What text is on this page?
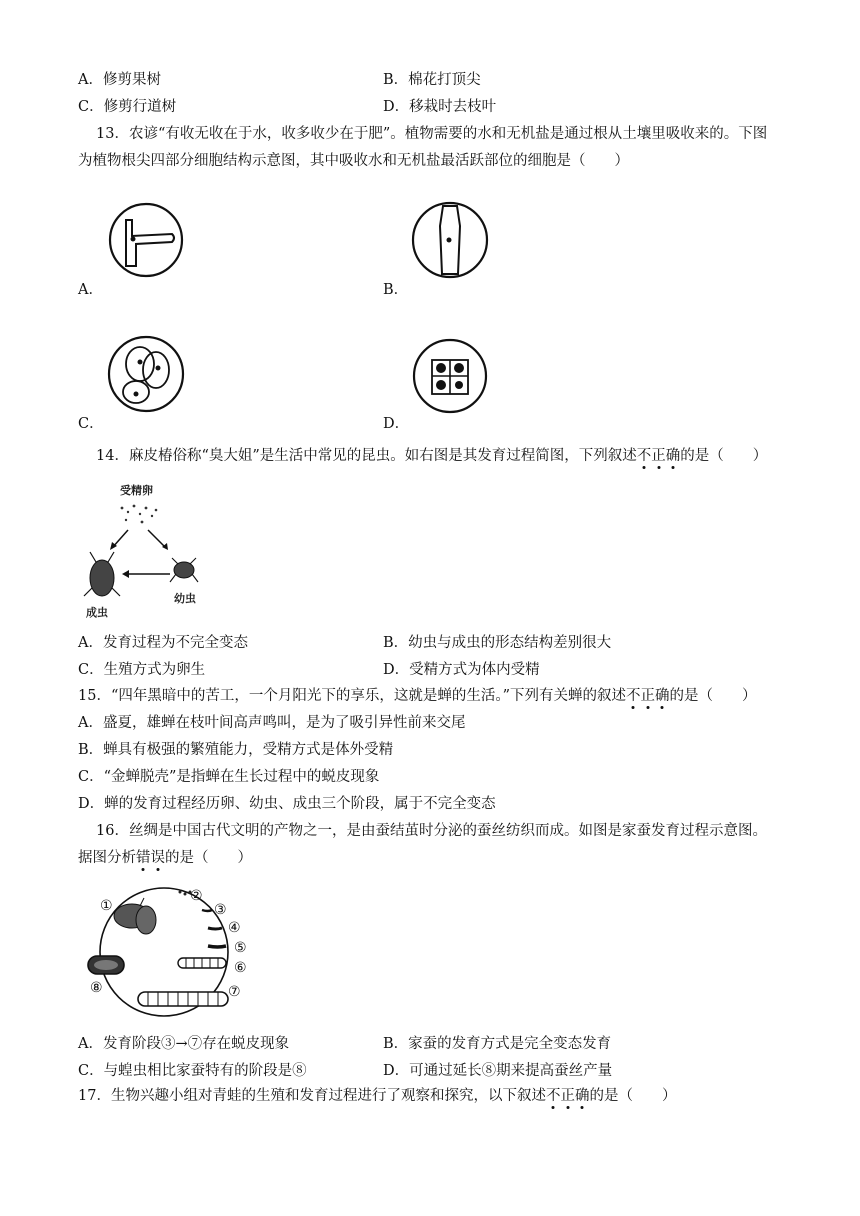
A．修剪果树	B．棉花打顶尖
C．修剪行道树	D．移栽时去枝叶
13．农谚“有收无收在于水，收多收少在于肥”。植物需要的水和无机盐是通过根从土壤里吸收来的。下图
为植物根尖四部分细胞结构示意图，其中吸收水和无机盐最活跃部位的细胞是（　　）
A．	B．
C．	D．
14．麻皮椿俗称“臭大姐”是生活中常见的昆虫。如右图是其发育过程简图，下列叙述不正确的是（　　）
受精卵
成虫
幼虫
A．发育过程为不完全变态	B．幼虫与成虫的形态结构差别很大
C．生殖方式为卵生	D．受精方式为体内受精
15．“四年黑暗中的苦工，一个月阳光下的享乐，这就是蝉的生活。”下列有关蝉的叙述不正确的是（　　）
A．盛夏，雄蝉在枝叶间高声鸣叫，是为了吸引异性前来交尾
B．蝉具有极强的繁殖能力，受精方式是体外受精
C．“金蝉脱壳”是指蝉在生长过程中的蜕皮现象
D．蝉的发育过程经历卵、幼虫、成虫三个阶段，属于不完全变态
16．丝绸是中国古代文明的产物之一，是由蚕结茧时分泌的蚕丝纺织而成。如图是家蚕发育过程示意图。
据图分析错误的是（　　）
①
②
③
④
⑤
⑥
⑦
⑧
A．发育阶段③→⑦存在蜕皮现象	B．家蚕的发育方式是完全变态发育
C．与蝗虫相比家蚕特有的阶段是⑧	D．可通过延长⑧期来提高蚕丝产量
17．生物兴趣小组对青蛙的生殖和发育过程进行了观察和探究，以下叙述不正确的是（　　）
